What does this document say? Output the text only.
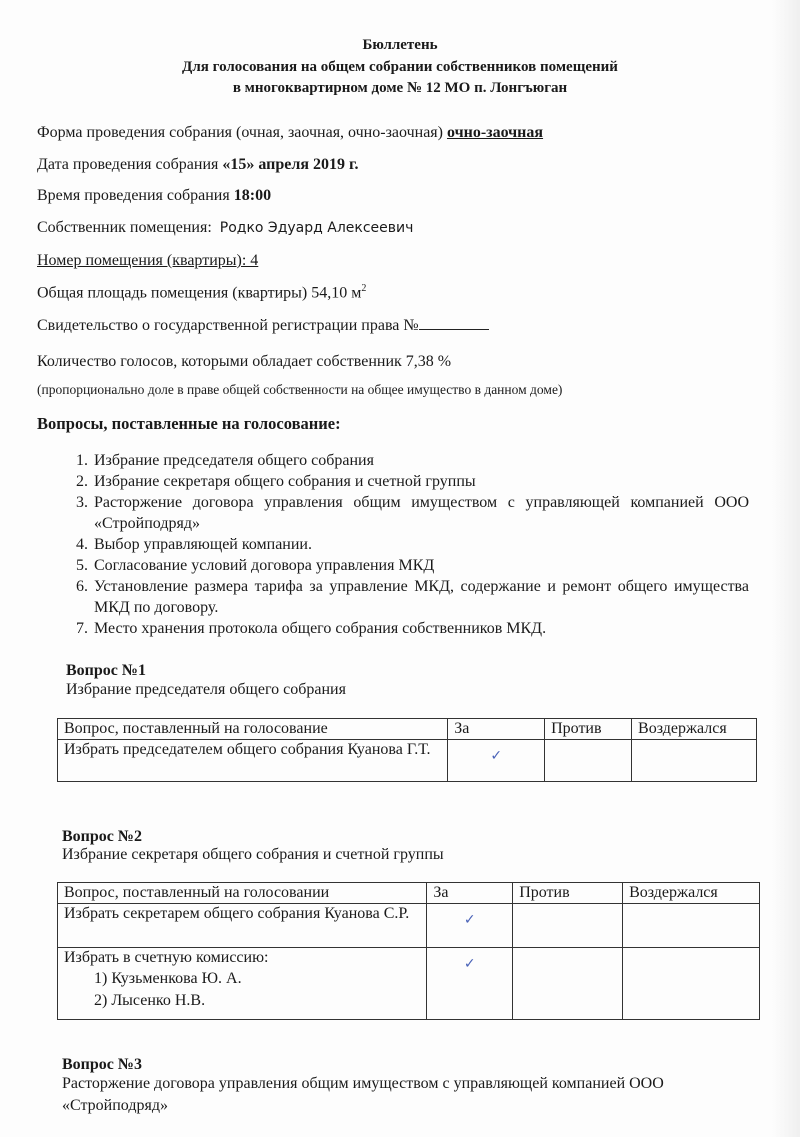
Бюллетень
Для голосования на общем собрании собственников помещений
в многоквартирном доме № 12 МО п. Лонгъюган
Форма проведения собрания (очная, заочная, очно-заочная) очно-заочная
Дата проведения собрания «15» апреля 2019 г.
Время проведения собрания 18:00
Собственник помещения: Родко Эдуард Алексеевич
Номер помещения (квартиры): 4
Общая площадь помещения (квартиры) 54,10 $м^2$
Свидетельство о государственной регистрации права №
Количество голосов, которыми обладает собственник 7,38 %
(пропорционально доле в праве общей собственности на общее имущество в данном доме)
Вопросы, поставленные на голосование:
1. Избрание председателя общего собрания
2. Избрание секретаря общего собрания и счетной группы
3. Расторжение договора управления общим имуществом с управляющей компанией ООО «Стройподряд»
4. Выбор управляющей компании.
5. Согласование условий договора управления МКД
6. Установление размера тарифа за управление МКД, содержание и ремонт общего имущества МКД по договору.
7. Место хранения протокола общего собрания собственников МКД.
Вопрос №1
Избрание председателя общего собрания
Вопрос, поставленный на голосование	За	Против	Воздержался
Избрать председателем общего собрания Куанова Г.Т.	✓		

Вопрос №2
Избрание секретаря общего собрания и счетной группы
Вопрос, поставленный на голосовании	За	Против	Воздержался
Избрать секретарем общего собрания Куанова С.Р.	✓		

Избрать в счетную комиссию:
1) Кузьменкова Ю. А.
2) Лысенко Н.В.	✓		

Вопрос №3
Расторжение договора управления общим имуществом с управляющей компанией ООО
«Стройподряд»
